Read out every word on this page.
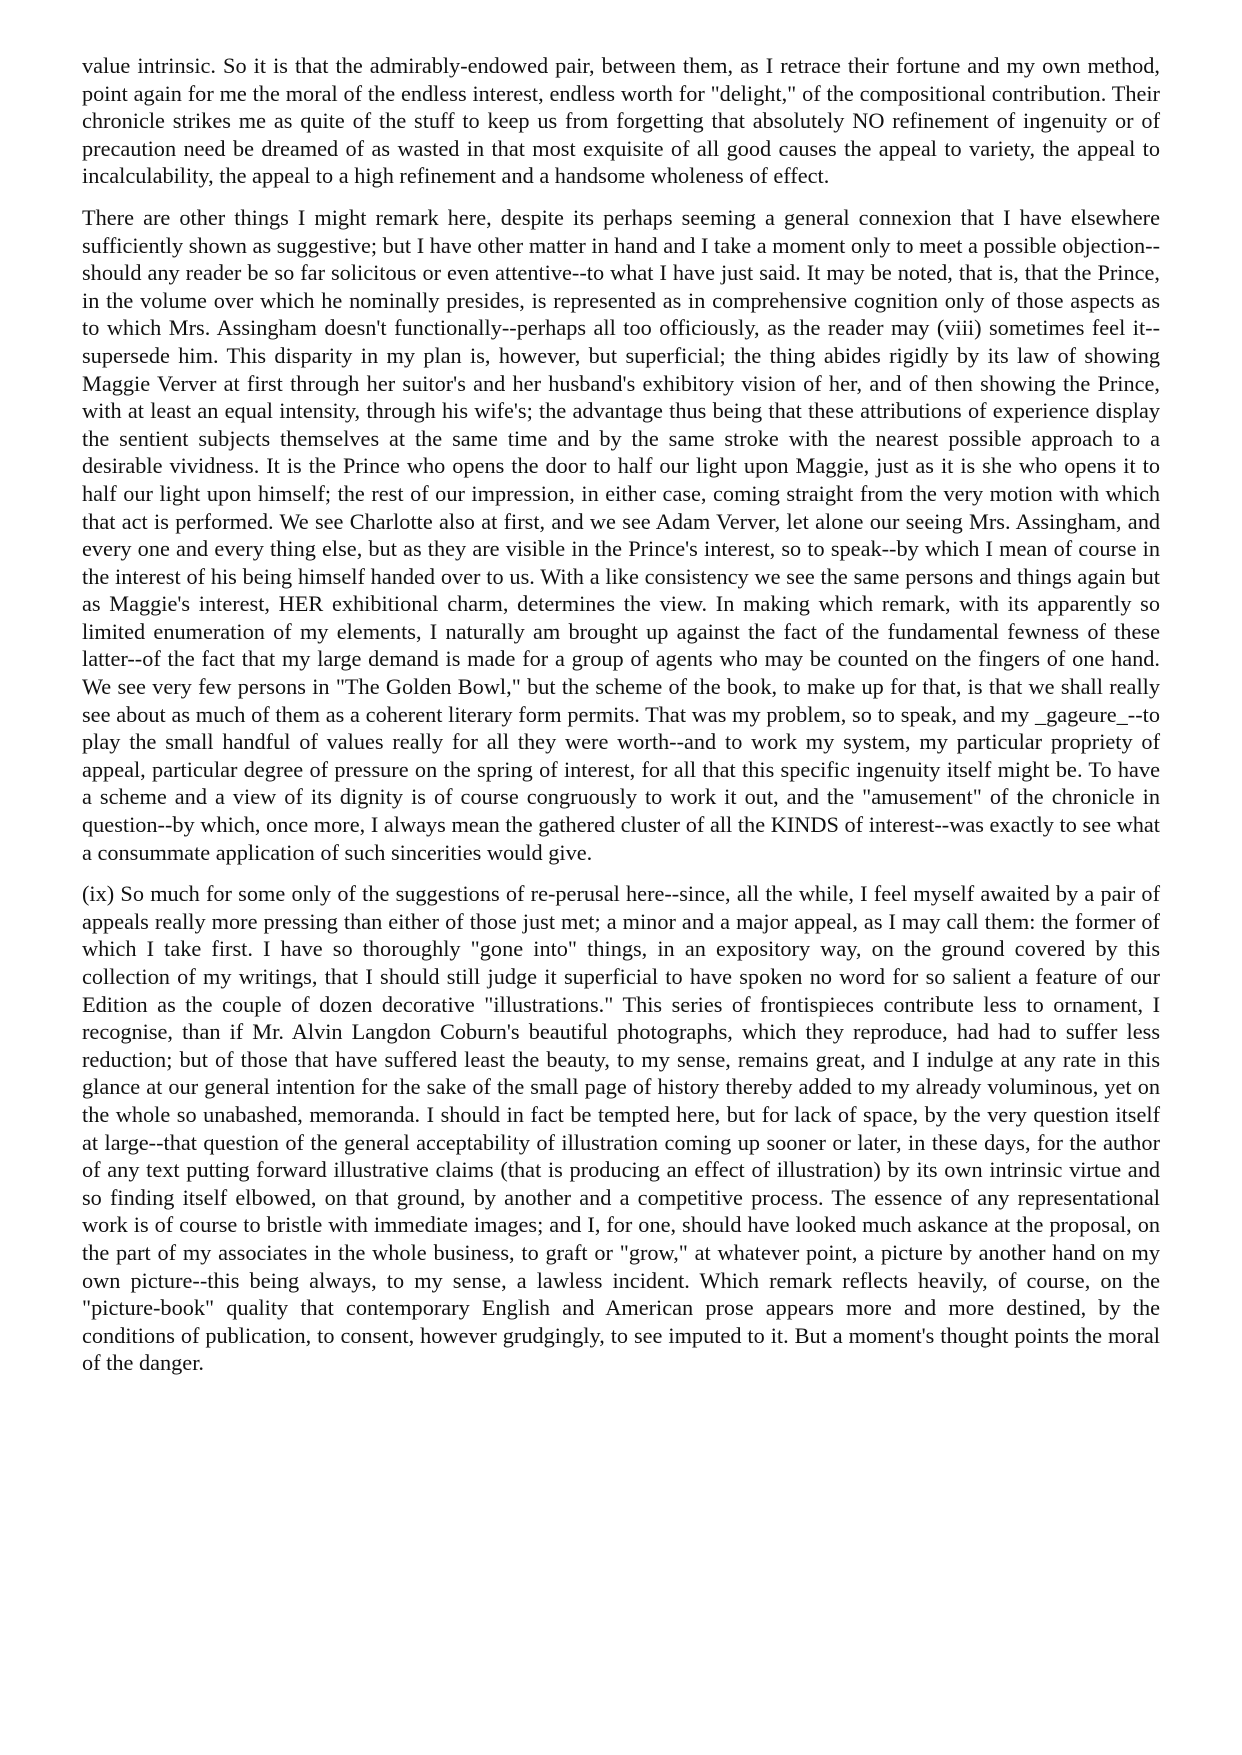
value intrinsic. So it is that the admirably-endowed pair, between them, as I retrace their fortune and my own method, point again for me the moral of the endless interest, endless worth for "delight," of the compositional contribution. Their chronicle strikes me as quite of the stuff to keep us from forgetting that absolutely NO refinement of ingenuity or of precaution need be dreamed of as wasted in that most exquisite of all good causes the appeal to variety, the appeal to incalculability, the appeal to a high refinement and a handsome wholeness of effect.

There are other things I might remark here, despite its perhaps seeming a general connexion that I have elsewhere sufficiently shown as suggestive; but I have other matter in hand and I take a moment only to meet a possible objection--should any reader be so far solicitous or even attentive--to what I have just said. It may be noted, that is, that the Prince, in the volume over which he nominally presides, is represented as in comprehensive cognition only of those aspects as to which Mrs. Assingham doesn't functionally--perhaps all too officiously, as the reader may (viii) sometimes feel it--supersede him. This disparity in my plan is, however, but superficial; the thing abides rigidly by its law of showing Maggie Verver at first through her suitor's and her husband's exhibitory vision of her, and of then showing the Prince, with at least an equal intensity, through his wife's; the advantage thus being that these attributions of experience display the sentient subjects themselves at the same time and by the same stroke with the nearest possible approach to a desirable vividness. It is the Prince who opens the door to half our light upon Maggie, just as it is she who opens it to half our light upon himself; the rest of our impression, in either case, coming straight from the very motion with which that act is performed. We see Charlotte also at first, and we see Adam Verver, let alone our seeing Mrs. Assingham, and every one and every thing else, but as they are visible in the Prince's interest, so to speak--by which I mean of course in the interest of his being himself handed over to us. With a like consistency we see the same persons and things again but as Maggie's interest, HER exhibitional charm, determines the view. In making which remark, with its apparently so limited enumeration of my elements, I naturally am brought up against the fact of the fundamental fewness of these latter--of the fact that my large demand is made for a group of agents who may be counted on the fingers of one hand. We see very few persons in "The Golden Bowl," but the scheme of the book, to make up for that, is that we shall really see about as much of them as a coherent literary form permits. That was my problem, so to speak, and my _gageure_--to play the small handful of values really for all they were worth--and to work my system, my particular propriety of appeal, particular degree of pressure on the spring of interest, for all that this specific ingenuity itself might be. To have a scheme and a view of its dignity is of course congruously to work it out, and the "amusement" of the chronicle in question--by which, once more, I always mean the gathered cluster of all the KINDS of interest--was exactly to see what a consummate application of such sincerities would give.

(ix) So much for some only of the suggestions of re-perusal here--since, all the while, I feel myself awaited by a pair of appeals really more pressing than either of those just met; a minor and a major appeal, as I may call them: the former of which I take first. I have so thoroughly "gone into" things, in an expository way, on the ground covered by this collection of my writings, that I should still judge it superficial to have spoken no word for so salient a feature of our Edition as the couple of dozen decorative "illustrations." This series of frontispieces contribute less to ornament, I recognise, than if Mr. Alvin Langdon Coburn's beautiful photographs, which they reproduce, had had to suffer less reduction; but of those that have suffered least the beauty, to my sense, remains great, and I indulge at any rate in this glance at our general intention for the sake of the small page of history thereby added to my already voluminous, yet on the whole so unabashed, memoranda. I should in fact be tempted here, but for lack of space, by the very question itself at large--that question of the general acceptability of illustration coming up sooner or later, in these days, for the author of any text putting forward illustrative claims (that is producing an effect of illustration) by its own intrinsic virtue and so finding itself elbowed, on that ground, by another and a competitive process. The essence of any representational work is of course to bristle with immediate images; and I, for one, should have looked much askance at the proposal, on the part of my associates in the whole business, to graft or "grow," at whatever point, a picture by another hand on my own picture--this being always, to my sense, a lawless incident. Which remark reflects heavily, of course, on the "picture-book" quality that contemporary English and American prose appears more and more destined, by the conditions of publication, to consent, however grudgingly, to see imputed to it. But a moment's thought points the moral of the danger.
